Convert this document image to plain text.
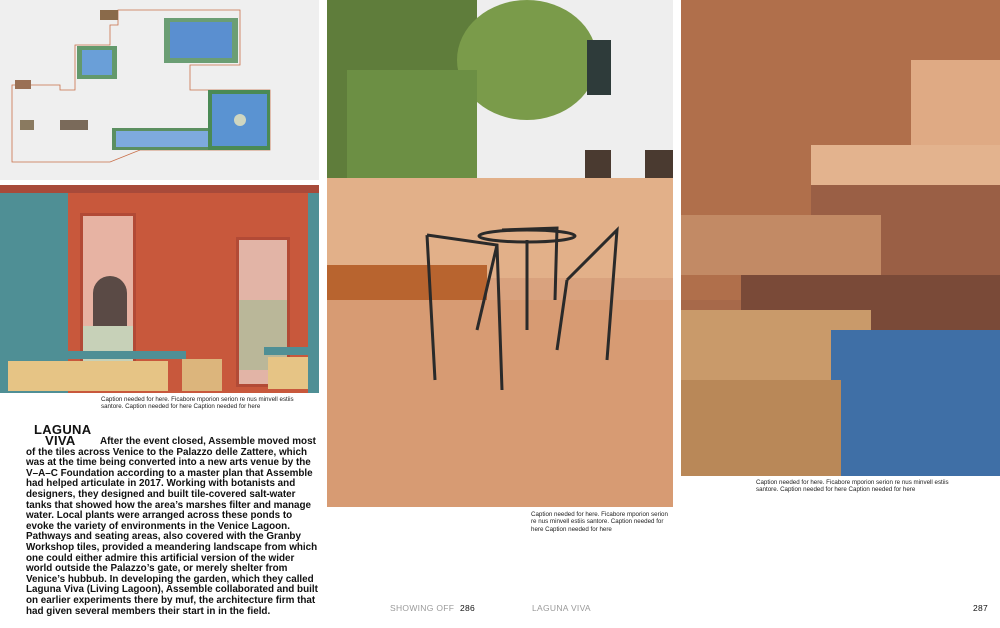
Caption needed for here. Ficabore mporion serion re nus minvell estiis santore. Caption needed for here Caption needed for here
LAGUNA
VIVA	After the event closed, Assemble moved most of the tiles across Venice to the Palazzo delle Zattere, which was at the time being converted into a new arts venue by the V–A–C Foundation according to a master plan that Assemble had helped articulate in 2017. Working with botanists and designers, they designed and built tile-covered salt-water tanks that showed how the area’s marshes filter and manage water. Local plants were arranged across these ponds to evoke the variety of environments in the Venice Lagoon. Pathways and seating areas, also covered with the Granby Workshop tiles, provided a meandering landscape from which one could either admire this artificial version of the wider world outside the Palazzo’s gate, or merely shelter from Venice’s hubbub. In developing the garden, which they called Laguna Viva (Living Lagoon), Assemble collaborated and built on earlier experiments there by muf, the architecture firm that had given several members their start in in the field.
Caption needed for here. Ficabore mporion serion re nus minvell estiis santore. Caption needed for here Caption needed for here
Caption needed for here. Ficabore mporion serion re nus minvell estiis santore. Caption needed for here Caption needed for here
SHOWING OFF 286	LAGUNA VIVA	287
